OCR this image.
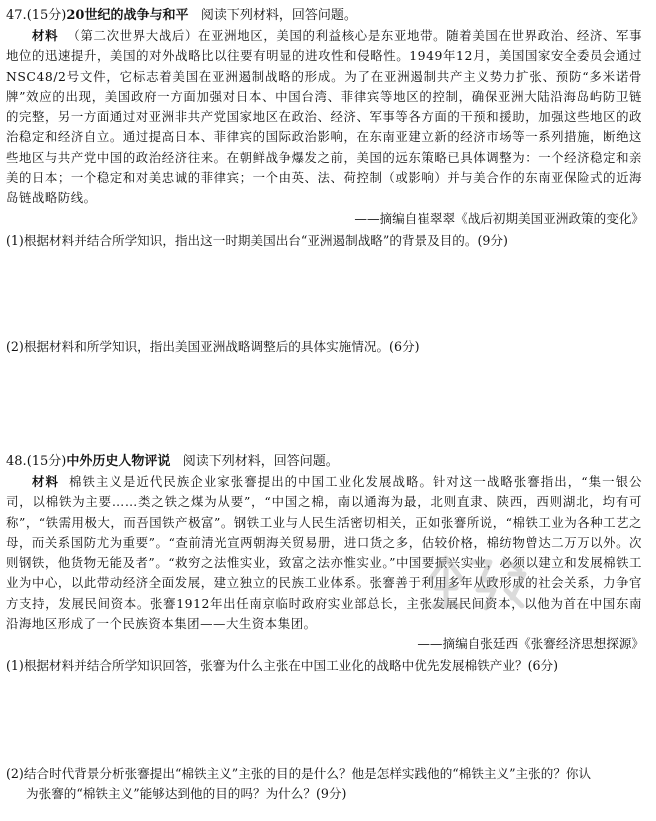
47.(15分)20世纪的战争与和平 阅读下列材料，回答问题。
材料 （第二次世界大战后）在亚洲地区，美国的利益核心是东亚地带。随着美国在世界政治、经济、军事地位的迅速提升，美国的对外战略比以往要有明显的进攻性和侵略性。1949年12月，美国国家安全委员会通过NSC48/2号文件，它标志着美国在亚洲遏制战略的形成。为了在亚洲遏制共产主义势力扩张、预防“多米诺骨牌”效应的出现，美国政府一方面加强对日本、中国台湾、菲律宾等地区的控制，确保亚洲大陆沿海岛屿防卫链的完整，另一方面通过对亚洲非共产党国家地区在政治、经济、军事等各方面的干预和援助，加强这些地区的政治稳定和经济自立。通过提高日本、菲律宾的国际政治影响，在东南亚建立新的经济市场等一系列措施，断绝这些地区与共产党中国的政治经济往来。在朝鲜战争爆发之前，美国的远东策略已具体调整为：一个经济稳定和亲美的日本；一个稳定和对美忠诚的菲律宾；一个由英、法、荷控制（或影响）并与美合作的东南亚保险式的近海岛链战略防线。
——摘编自崔翠翠《战后初期美国亚洲政策的变化》
(1)根据材料并结合所学知识，指出这一时期美国出台“亚洲遏制战略”的背景及目的。(9分)
(2)根据材料和所学知识，指出美国亚洲战略调整后的具体实施情况。(6分)
48.(15分)中外历史人物评说 阅读下列材料，回答问题。
材料 棉铁主义是近代民族企业家张謇提出的中国工业化发展战略。针对这一战略张謇指出，“集一银公司，以棉铁为主要……类之铁之煤为从要”，“中国之棉，南以通海为最，北则直隶、陕西，西则湖北，均有可称”，“铁需用极大，而吾国铁产极富”。钢铁工业与人民生活密切相关，正如张謇所说，“棉铁工业为各种工艺之母，而关系国防尤为重要”。“查前清光宣两朝海关贸易册，进口货之多，估较价格，棉纺物曾达二万万以外。次则钢铁，他货物无能及者”。“救穷之法惟实业，致富之法亦惟实业。”中国要振兴实业，必须以建立和发展棉铁工业为中心，以此带动经济全面发展，建立独立的民族工业体系。张謇善于利用多年从政形成的社会关系，力争官方支持，发展民间资本。张謇1912年出任南京临时政府实业部总长，主张发展民间资本，以他为首在中国东南沿海地区形成了一个民族资本集团——大生资本集团。
——摘编自张廷西《张謇经济思想探源》
(1)根据材料并结合所学知识回答，张謇为什么主张在中国工业化的战略中优先发展棉铁产业？(6分)
(2)结合时代背景分析张謇提出“棉铁主义”主张的目的是什么？他是怎样实践他的“棉铁主义”主张的？你认
为张謇的“棉铁主义”能够达到他的目的吗？为什么？(9分)
